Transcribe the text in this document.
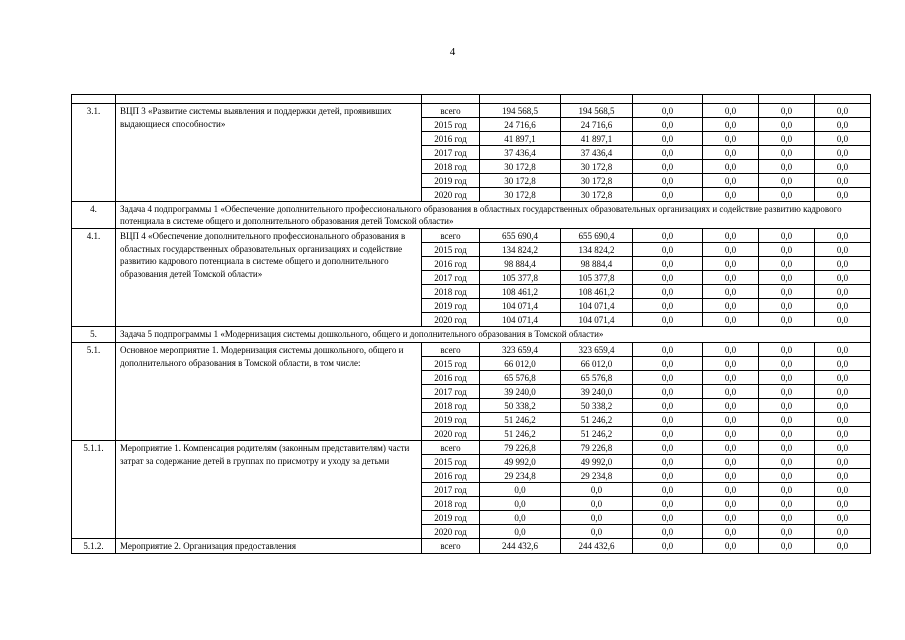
4

3.1.	ВЦП 3 «Развитие системы выявления и поддержки детей, проявивших выдающиеся способности»	всего	194 568,5	194 568,5	0,0	0,0	0,0	0,0
		2015 год	24 716,6	24 716,6	0,0	0,0	0,0	0,0
		2016 год	41 897,1	41 897,1	0,0	0,0	0,0	0,0
		2017 год	37 436,4	37 436,4	0,0	0,0	0,0	0,0
		2018 год	30 172,8	30 172,8	0,0	0,0	0,0	0,0
		2019 год	30 172,8	30 172,8	0,0	0,0	0,0	0,0
		2020 год	30 172,8	30 172,8	0,0	0,0	0,0	0,0
4.	Задача 4 подпрограммы 1 «Обеспечение дополнительного профессионального образования в областных государственных образовательных организациях и содействие развитию кадрового потенциала в системе общего и дополнительного образования детей Томской области»							
4.1.	ВЦП 4 «Обеспечение дополнительного профессионального образования в областных государственных образовательных организациях и содействие развитию кадрового потенциала в системе общего и дополнительного образования детей Томской области»	всего	655 690,4	655 690,4	0,0	0,0	0,0	0,0
		2015 год	134 824,2	134 824,2	0,0	0,0	0,0	0,0
		2016 год	98 884,4	98 884,4	0,0	0,0	0,0	0,0
		2017 год	105 377,8	105 377,8	0,0	0,0	0,0	0,0
		2018 год	108 461,2	108 461,2	0,0	0,0	0,0	0,0
		2019 год	104 071,4	104 071,4	0,0	0,0	0,0	0,0
		2020 год	104 071,4	104 071,4	0,0	0,0	0,0	0,0
5.	Задача 5 подпрограммы 1 «Модернизация системы дошкольного, общего и дополнительного образования в Томской области»							
5.1.	Основное мероприятие 1. Модернизация системы дошкольного, общего и дополнительного образования в Томской области, в том числе:	всего	323 659,4	323 659,4	0,0	0,0	0,0	0,0
		2015 год	66 012,0	66 012,0	0,0	0,0	0,0	0,0
		2016 год	65 576,8	65 576,8	0,0	0,0	0,0	0,0
		2017 год	39 240,0	39 240,0	0,0	0,0	0,0	0,0
		2018 год	50 338,2	50 338,2	0,0	0,0	0,0	0,0
		2019 год	51 246,2	51 246,2	0,0	0,0	0,0	0,0
		2020 год	51 246,2	51 246,2	0,0	0,0	0,0	0,0
5.1.1.	Мероприятие 1. Компенсация родителям (законным представителям) части затрат за содержание детей в группах по присмотру и уходу за детьми	всего	79 226,8	79 226,8	0,0	0,0	0,0	0,0
		2015 год	49 992,0	49 992,0	0,0	0,0	0,0	0,0
		2016 год	29 234,8	29 234,8	0,0	0,0	0,0	0,0
		2017 год	0,0	0,0	0,0	0,0	0,0	0,0
		2018 год	0,0	0,0	0,0	0,0	0,0	0,0
		2019 год	0,0	0,0	0,0	0,0	0,0	0,0
		2020 год	0,0	0,0	0,0	0,0	0,0	0,0
5.1.2.	Мероприятие 2. Организация предоставления	всего	244 432,6	244 432,6	0,0	0,0	0,0	0,0
